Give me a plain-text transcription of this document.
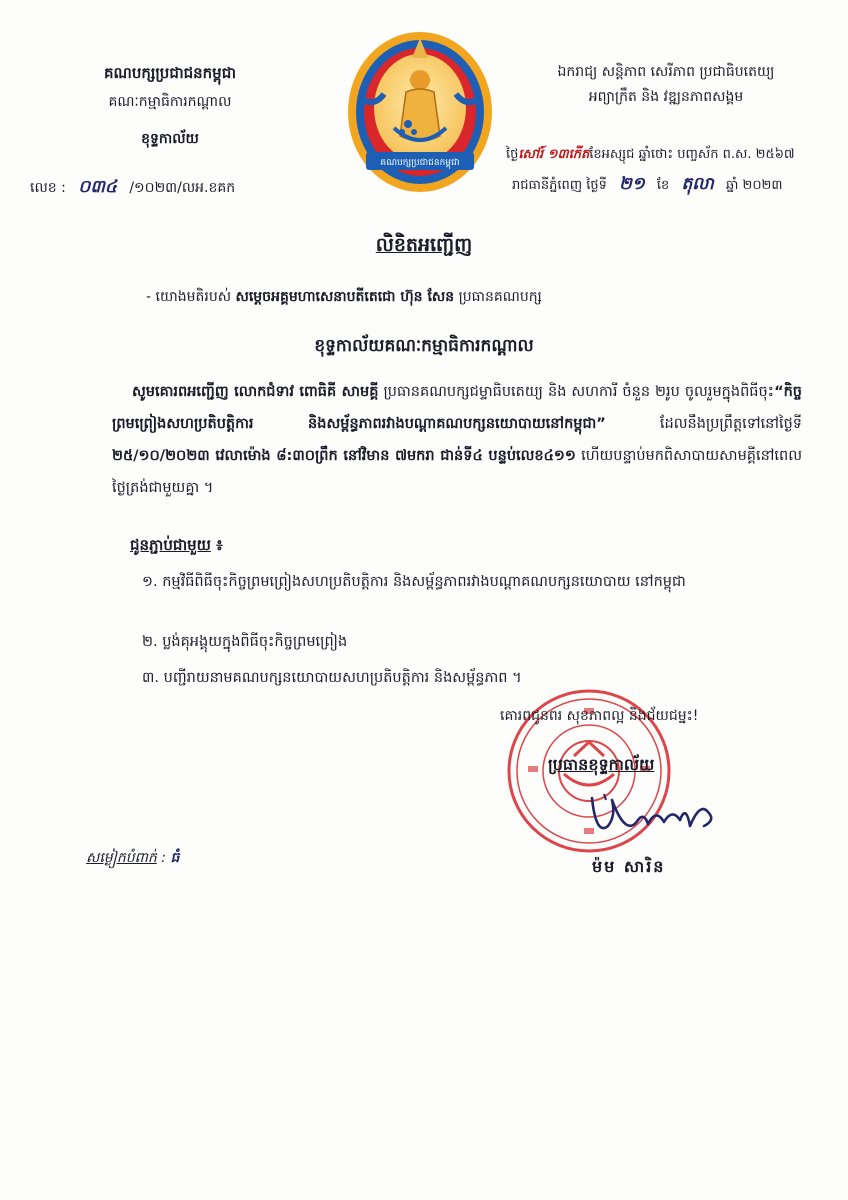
គណបក្សប្រជាជនកម្ពុជា
គណៈកម្មាធិការកណ្តាល
ខុទ្ទកាល័យ
លេខ : ០៣៤ /១០២៣/លអ.ខគក
គណបក្សប្រជាជនកម្ពុជា
ឯករាជ្យ សន្តិភាព សេរីភាព ប្រជាធិបតេយ្យ
អព្យាក្រឹត និង វឌ្ឍនភាពសង្គម
ថ្ងៃសៅរ៍ ១៣កើតខែអស្សុជ ឆ្នាំថោះ បញ្ចស័ក ព.ស. ២៥៦៧
រាជធានីភ្នំពេញ ថ្ងៃទី ២១ ខែ តុលា ឆ្នាំ ២០២៣
លិខិតអញ្ជើញ
- យោងមតិរបស់ សម្តេចអគ្គមហាសេនាបតីតេជោ ហ៊ុន សែន ប្រធានគណបក្ស
ខុទ្ទកាល័យគណៈកម្មាធិការកណ្តាល
សូមគោរពអញ្ជើញ លោកជំទាវ ពោធិគី សាមគ្គី ប្រធានគណបក្សជម្ទាធិបតេយ្យ និង សហការី ចំនួន ២រូប ចូលរួមក្នុងពិធីចុះ“កិច្ចព្រមព្រៀងសហប្រតិបត្តិការ និងសម្ព័ន្ធភាពរវាងបណ្តាគណបក្សនយោបាយនៅកម្ពុជា” ដែលនឹងប្រព្រឹត្តទៅនៅថ្ងៃទី ២៥/១០/២០២៣ វេលាម៉ោង ៨:៣០ព្រឹក នៅវិមាន ៧មករា ជាន់ទី៤ បន្ទប់លេខ៤១១ ហើយបន្ទាប់មកពិសាបាយសាមគ្គីនៅពេលថ្ងៃត្រង់ជាមួយគ្នា ។
ជូនភ្ជាប់ជាមួយ ៖
១. កម្មវិធីពិធីចុះកិច្ចព្រមព្រៀងសហប្រតិបត្តិការ និងសម្ព័ន្ធភាពរវាងបណ្តាគណបក្សនយោបាយ នៅកម្ពុជា
២. ប្លង់គុអង្គុយក្នុងពិធីចុះកិច្ចព្រមព្រៀង
៣. បញ្ជីរាយនាមគណបក្សនយោបាយសហប្រតិបត្តិការ និងសម្ព័ន្ធភាព ។
គោរពជូនពរ សុខភាពល្អ និងជ័យជម្នះ!
ប្រធានខុទ្ទកាល័យ
ម៉ម សារិន
សម្ងៀកបំពាក់ : ធំ
